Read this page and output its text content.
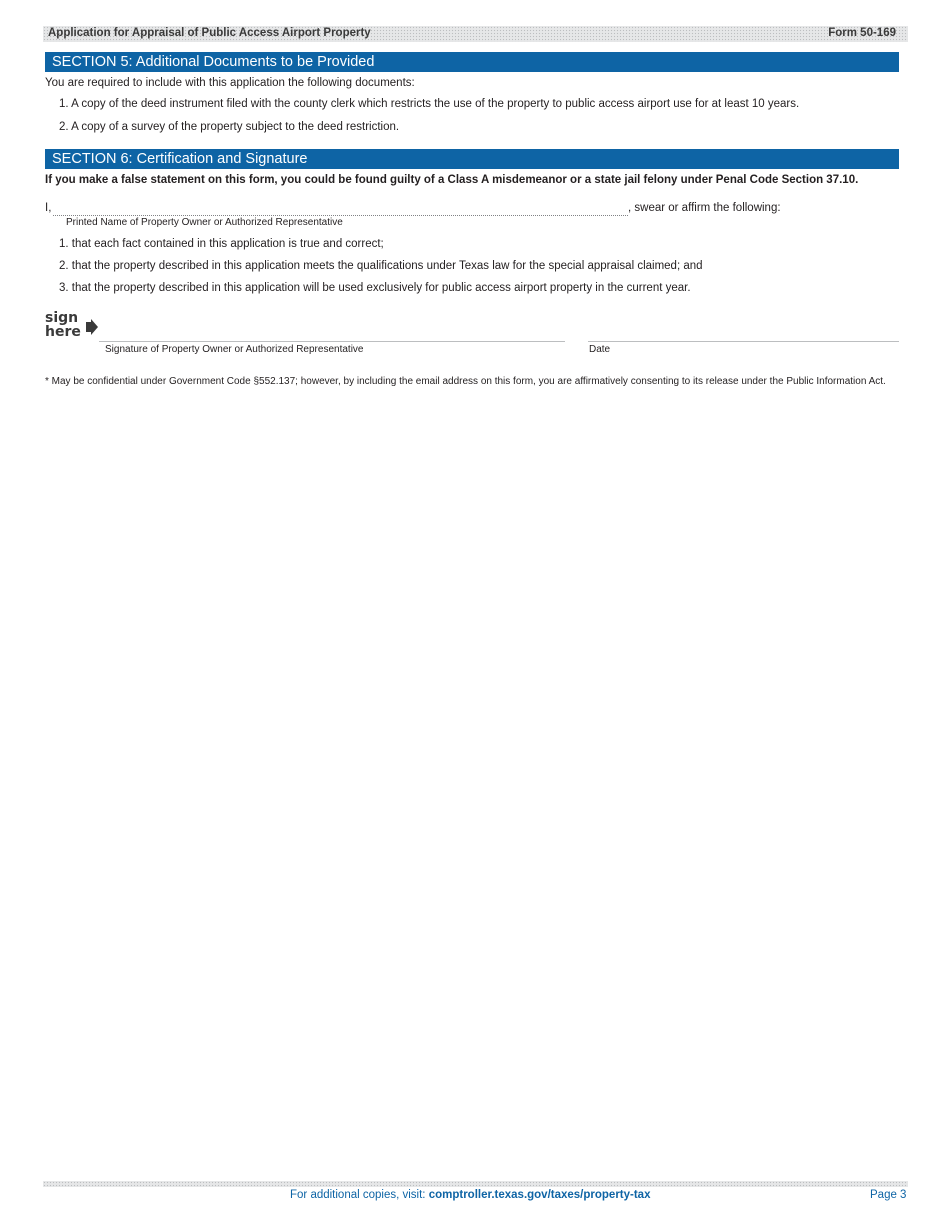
Application for Appraisal of Public Access Airport Property	Form 50-169
SECTION 5: Additional Documents to be Provided
You are required to include with this application the following documents:
1. A copy of the deed instrument filed with the county clerk which restricts the use of the property to public access airport use for at least 10 years.
2. A copy of a survey of the property subject to the deed restriction.
SECTION 6: Certification and Signature
If you make a false statement on this form, you could be found guilty of a Class A misdemeanor or a state jail felony under Penal Code Section 37.10.
I,	, swear or affirm the following:
Printed Name of Property Owner or Authorized Representative
1. that each fact contained in this application is true and correct;
2. that the property described in this application meets the qualifications under Texas law for the special appraisal claimed; and
3. that the property described in this application will be used exclusively for public access airport property in the current year.
sign
here
Signature of Property Owner or Authorized Representative	Date
* May be confidential under Government Code §552.137; however, by including the email address on this form, you are affirmatively consenting to its release under the Public Information Act.
For additional copies, visit: comptroller.texas.gov/taxes/property-tax	Page 3
